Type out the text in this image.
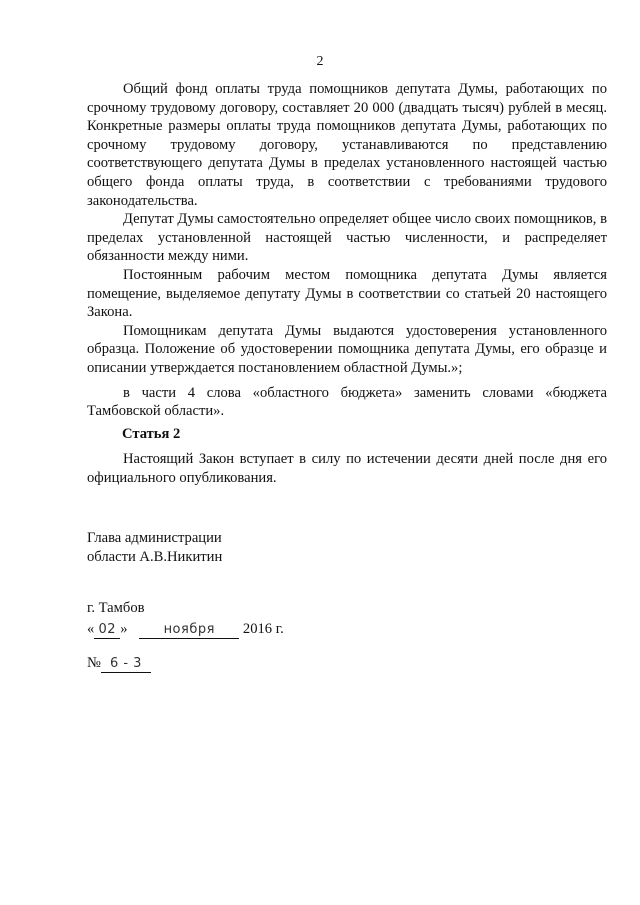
2

Общий фонд оплаты труда помощников депутата Думы, работающих по срочному трудовому договору, составляет 20 000 (двадцать тысяч) рублей в месяц. Конкретные размеры оплаты труда помощников депутата Думы, работающих по срочному трудовому договору, устанавливаются по представлению соответствующего депутата Думы в пределах установленного настоящей частью общего фонда оплаты труда, в соответствии с требованиями трудового законодательства.

Депутат Думы самостоятельно определяет общее число своих помощников, в пределах установленной настоящей частью численности, и распределяет обязанности между ними.

Постоянным рабочим местом помощника депутата Думы является помещение, выделяемое депутату Думы в соответствии со статьей 20 настоящего Закона.

Помощникам депутата Думы выдаются удостоверения установленного образца. Положение об удостоверении помощника депутата Думы, его образце и описании утверждается постановлением областной Думы.»;

в части 4 слова «областного бюджета» заменить словами «бюджета Тамбовской области».

Статья 2

Настоящий Закон вступает в силу по истечении десяти дней после дня его официального опубликования.

Глава администрации
области А.В.Никитин
г. Тамбов
« 02 »	ноября 2016 г.
№ 6 - 3
